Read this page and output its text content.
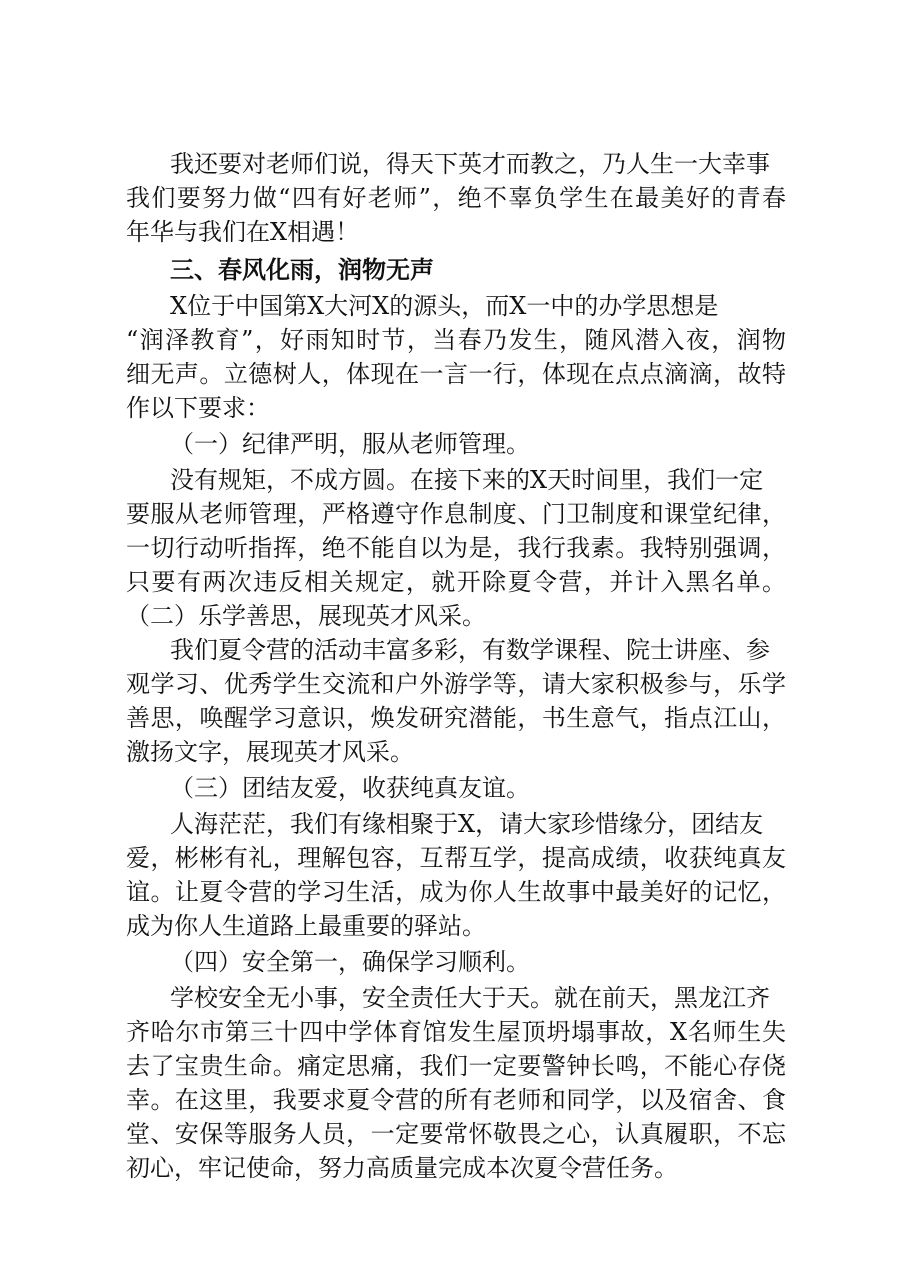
我还要对老师们说，得天下英才而教之，乃人生一大幸事
我们要努力做“四有好老师”，绝不辜负学生在最美好的青春
年华与我们在X相遇！
三、春风化雨，润物无声
X位于中国第X大河X的源头，而X一中的办学思想是
“润泽教育”，好雨知时节，当春乃发生，随风潜入夜，润物
细无声。立德树人，体现在一言一行，体现在点点滴滴，故特
作以下要求：
（一）纪律严明，服从老师管理。
没有规矩，不成方圆。在接下来的X天时间里，我们一定
要服从老师管理，严格遵守作息制度、门卫制度和课堂纪律，
一切行动听指挥，绝不能自以为是，我行我素。我特别强调，
只要有两次违反相关规定，就开除夏令营，并计入黑名单。
（二）乐学善思，展现英才风采。
我们夏令营的活动丰富多彩，有数学课程、院士讲座、参
观学习、优秀学生交流和户外游学等，请大家积极参与，乐学
善思，唤醒学习意识，焕发研究潜能，书生意气，指点江山，
激扬文字，展现英才风采。
（三）团结友爱，收获纯真友谊。
人海茫茫，我们有缘相聚于X，请大家珍惜缘分，团结友
爱，彬彬有礼，理解包容，互帮互学，提高成绩，收获纯真友
谊。让夏令营的学习生活，成为你人生故事中最美好的记忆，
成为你人生道路上最重要的驿站。
（四）安全第一，确保学习顺利。
学校安全无小事，安全责任大于天。就在前天，黑龙江齐
齐哈尔市第三十四中学体育馆发生屋顶坍塌事故，X名师生失
去了宝贵生命。痛定思痛，我们一定要警钟长鸣，不能心存侥
幸。在这里，我要求夏令营的所有老师和同学，以及宿舍、食
堂、安保等服务人员，一定要常怀敬畏之心，认真履职，不忘
初心，牢记使命，努力高质量完成本次夏令营任务。
